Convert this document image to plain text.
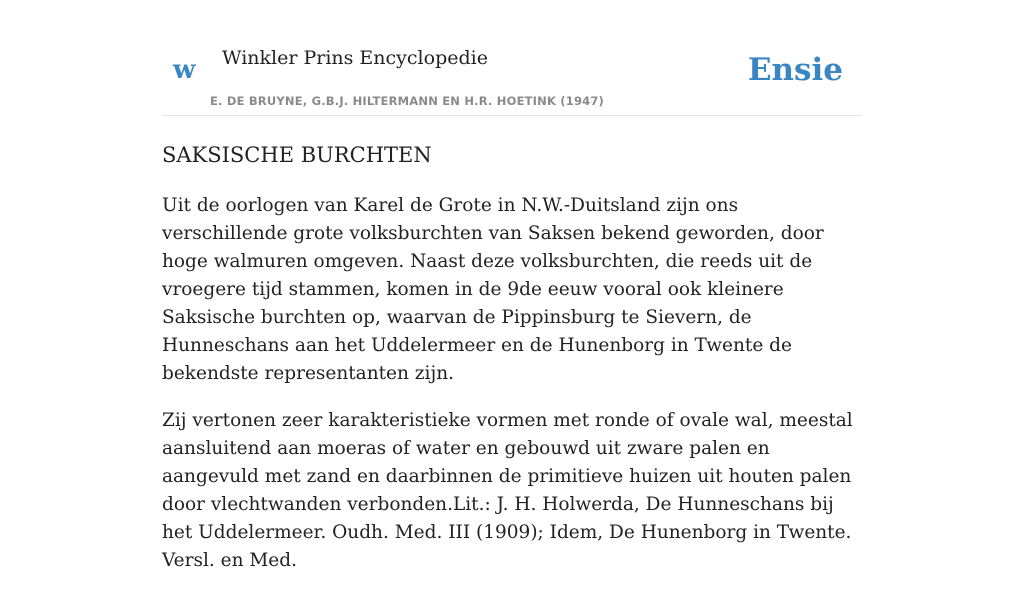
w Winkler Prins Encyclopedie	Ensie
E. DE BRUYNE, G.B.J. HILTERMANN EN H.R. HOETINK (1947)
SAKSISCHE BURCHTEN

Uit de oorlogen van Karel de Grote in N.W.-Duitsland zijn ons verschillende grote volksburchten van Saksen bekend geworden, door hoge walmuren omgeven. Naast deze volksburchten, die reeds uit de vroegere tijd stammen, komen in de 9de eeuw vooral ook kleinere Saksische burchten op, waarvan de Pippinsburg te Sievern, de Hunneschans aan het Uddelermeer en de Hunenborg in Twente de bekendste representanten zijn.

Zij vertonen zeer karakteristieke vormen met ronde of ovale wal, meestal aansluitend aan moeras of water en gebouwd uit zware palen en aangevuld met zand en daarbinnen de primitieve huizen uit houten palen door vlechtwanden verbonden.Lit.: J. H. Holwerda, De Hunneschans bij het Uddelermeer. Oudh. Med. III (1909); Idem, De Hunenborg in Twente. Versl. en Med.
